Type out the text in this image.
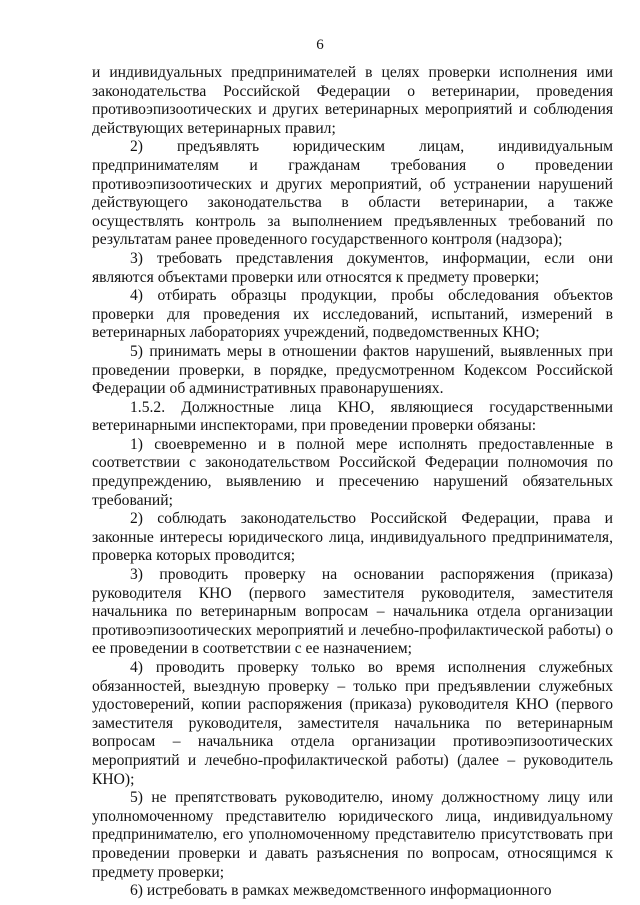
6

и индивидуальных предпринимателей в целях проверки исполнения ими законодательства Российской Федерации о ветеринарии, проведения противоэпизоотических и других ветеринарных мероприятий и соблюдения действующих ветеринарных правил;

2) предъявлять юридическим лицам, индивидуальным предпринимателям и гражданам требования о проведении противоэпизоотических и других мероприятий, об устранении нарушений действующего законодательства в области ветеринарии, а также осуществлять контроль за выполнением предъявленных требований по результатам ранее проведенного государственного контроля (надзора);

3) требовать представления документов, информации, если они являются объектами проверки или относятся к предмету проверки;

4) отбирать образцы продукции, пробы обследования объектов проверки для проведения их исследований, испытаний, измерений в ветеринарных лабораториях учреждений, подведомственных КНО;

5) принимать меры в отношении фактов нарушений, выявленных при проведении проверки, в порядке, предусмотренном Кодексом Российской Федерации об административных правонарушениях.

1.5.2. Должностные лица КНО, являющиеся государственными ветеринарными инспекторами, при проведении проверки обязаны:

1) своевременно и в полной мере исполнять предоставленные в соответствии с законодательством Российской Федерации полномочия по предупреждению, выявлению и пресечению нарушений обязательных требований;

2) соблюдать законодательство Российской Федерации, права и законные интересы юридического лица, индивидуального предпринимателя, проверка которых проводится;

3) проводить проверку на основании распоряжения (приказа) руководителя КНО (первого заместителя руководителя, заместителя начальника по ветеринарным вопросам – начальника отдела организации противоэпизоотических мероприятий и лечебно-профилактической работы) о ее проведении в соответствии с ее назначением;

4) проводить проверку только во время исполнения служебных обязанностей, выездную проверку – только при предъявлении служебных удостоверений, копии распоряжения (приказа) руководителя КНО (первого заместителя руководителя, заместителя начальника по ветеринарным вопросам – начальника отдела организации противоэпизоотических мероприятий и лечебно-профилактической работы) (далее – руководитель КНО);

5) не препятствовать руководителю, иному должностному лицу или уполномоченному представителю юридического лица, индивидуальному предпринимателю, его уполномоченному представителю присутствовать при проведении проверки и давать разъяснения по вопросам, относящимся к предмету проверки;

6) истребовать в рамках межведомственного информационного
